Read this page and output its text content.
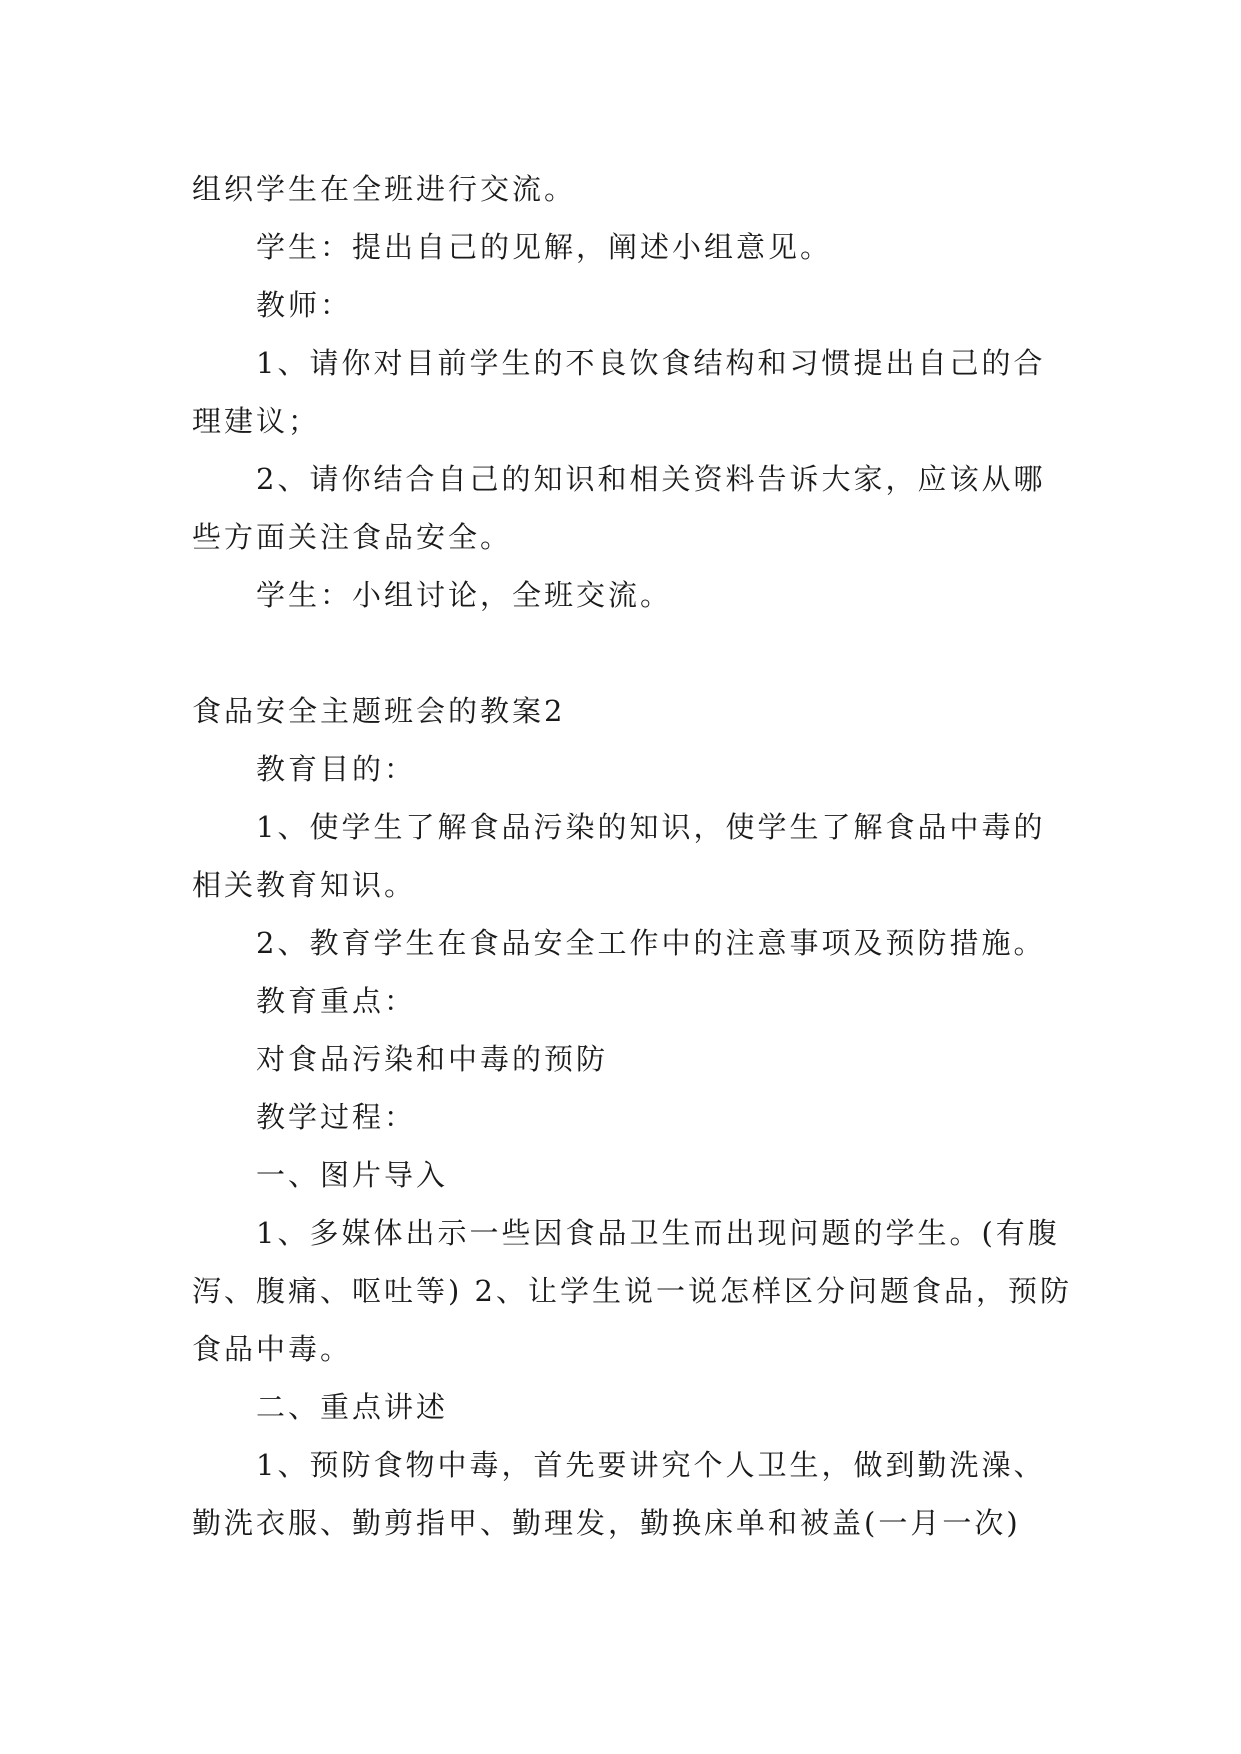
组织学生在全班进行交流。

学生：提出自己的见解，阐述小组意见。

教师：

1、请你对目前学生的不良饮食结构和习惯提出自己的合理建议；

2、请你结合自己的知识和相关资料告诉大家，应该从哪些方面关注食品安全。

学生：小组讨论，全班交流。

食品安全主题班会的教案2

教育目的：

1、使学生了解食品污染的知识，使学生了解食品中毒的相关教育知识。

2、教育学生在食品安全工作中的注意事项及预防措施。

教育重点：

对食品污染和中毒的预防

教学过程：

一、图片导入

1、多媒体出示一些因食品卫生而出现问题的学生。(有腹泻、腹痛、呕吐等) 2、让学生说一说怎样区分问题食品，预防食品中毒。

二、重点讲述

1、预防食物中毒，首先要讲究个人卫生，做到勤洗澡、勤洗衣服、勤剪指甲、勤理发，勤换床单和被盖(一月一次)
